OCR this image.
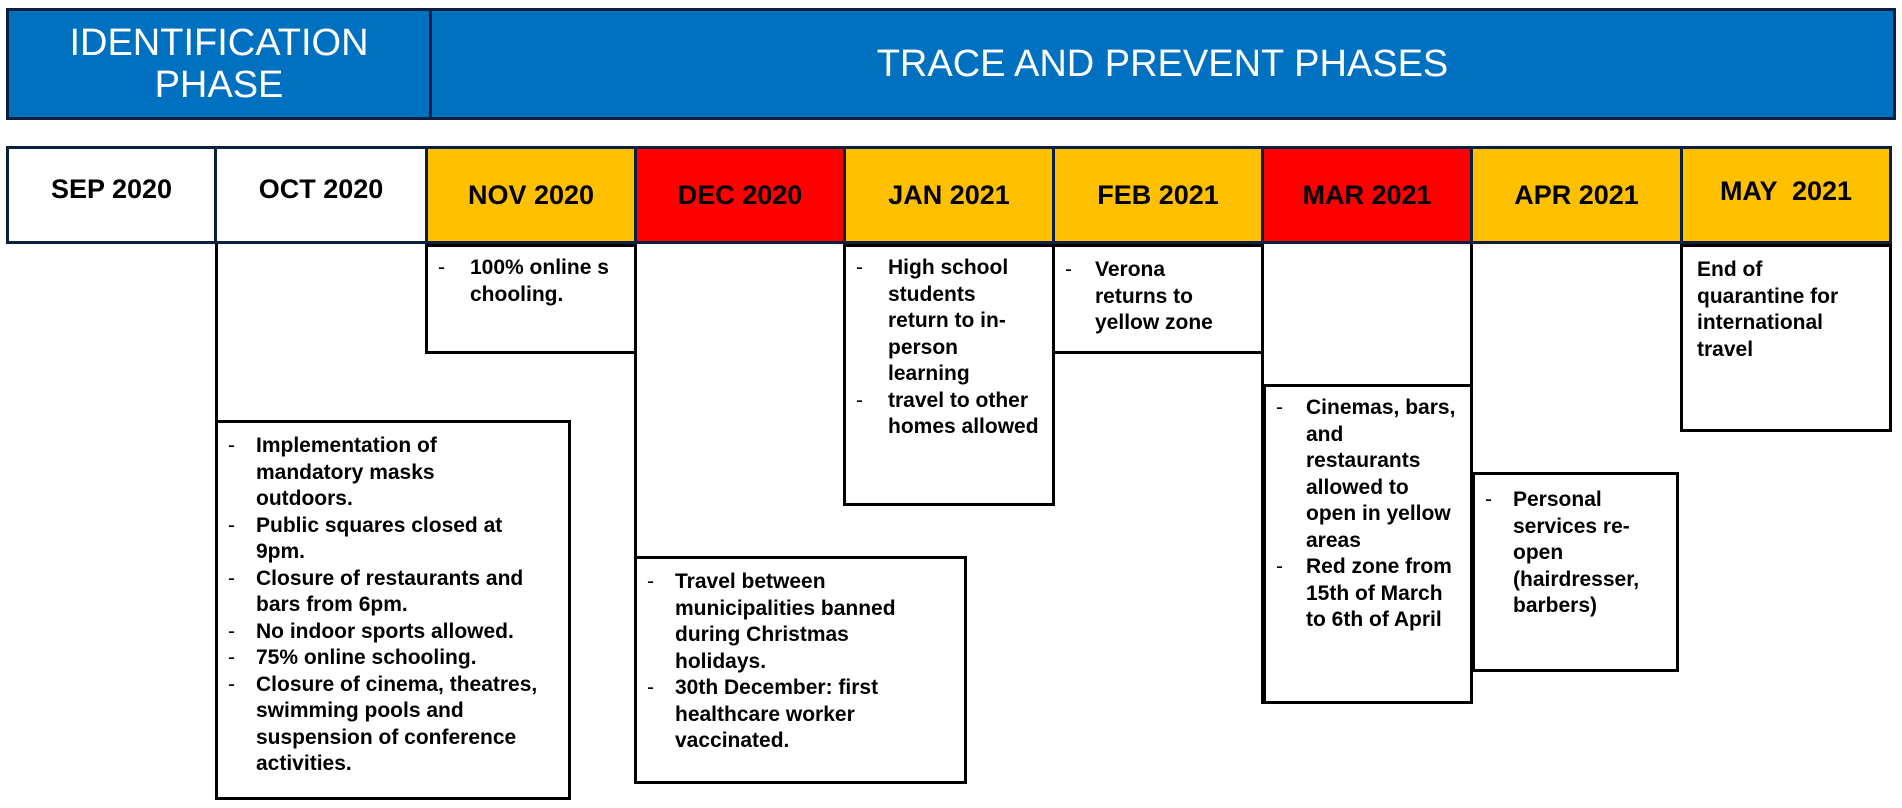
IDENTIFICATION PHASE	TRACE AND PREVENT PHASES
SEP 2020	OCT 2020	NOV 2020	DEC 2020	JAN 2021	FEB 2021	MAR 2021	APR 2021	MAY  2021
- Implementation of mandatory masks outdoors.
- Public squares closed at 9pm.
- Closure of restaurants and bars from 6pm.
- No indoor sports allowed.
- 75% online schooling.
- Closure of cinema, theatres, swimming pools and suspension of conference activities.
- 100% online schooling.
- Travel between municipalities banned during Christmas holidays.
- 30th December: first healthcare worker vaccinated.
- High school students return to in-person learning
- travel to other homes allowed
- Verona returns to yellow zone
- Cinemas, bars, and restaurants allowed to open in yellow areas
- Red zone from 15th of March to 6th of April
- Personal services re-open (hairdresser, barbers)
End of quarantine for international travel
